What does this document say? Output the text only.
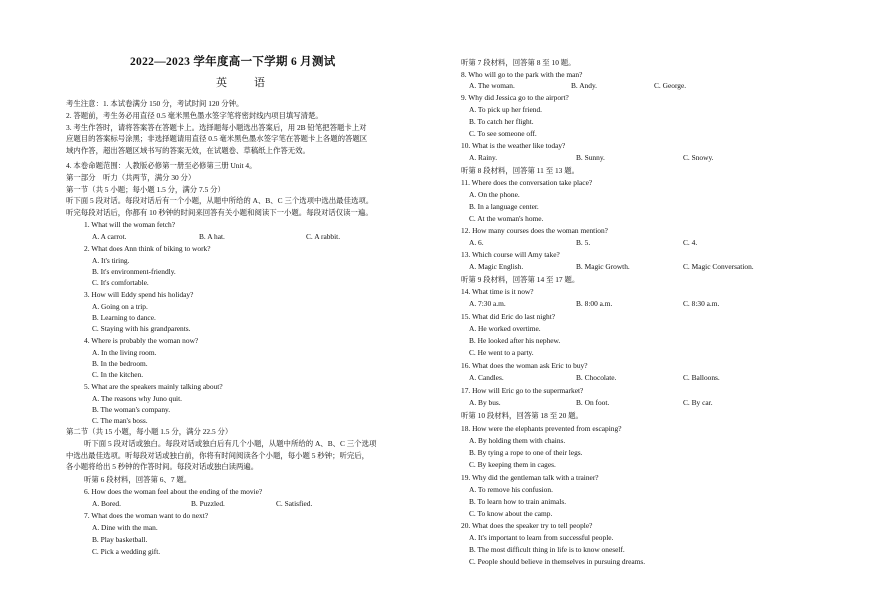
2022—2023 学年度高一下学期 6 月测试
英　语
考生注意：1. 本试卷满分 150 分，考试时间 120 分钟。
2. 答题前，考生务必用直径 0.5 毫米黑色墨水签字笔将密封线内项目填写清楚。
3. 考生作答时，请将答案答在答题卡上。选择题每小题选出答案后，用 2B 铅笔把答题卡上对
应题目的答案标号涂黑；非选择题请用直径 0.5 毫米黑色墨水签字笔在答题卡上各题的答题区
域内作答，超出答题区域书写的答案无效，在试题卷、草稿纸上作答无效。
4. 本卷命题范围：人教版必修第一册至必修第三册 Unit 4。
第一部分　听力（共两节，满分 30 分）
第一节（共 5 小题；每小题 1.5 分，满分 7.5 分）
听下面 5 段对话。每段对话后有一个小题，从题中所给的 A、B、C 三个选项中选出最佳选项。
听完每段对话后，你都有 10 秒钟的时间来回答有关小题和阅读下一小题。每段对话仅读一遍。
1. What will the woman fetch?
A. A carrot.	B. A hat.	C. A rabbit.
2. What does Ann think of biking to work?
A. It's tiring.
B. It's environment-friendly.
C. It's comfortable.
3. How will Eddy spend his holiday?
A. Going on a trip.
B. Learning to dance.
C. Staying with his grandparents.
4. Where is probably the woman now?
A. In the living room.
B. In the bedroom.
C. In the kitchen.
5. What are the speakers mainly talking about?
A. The reasons why Juno quit.
B. The woman's company.
C. The man's boss.
第二节（共 15 小题，每小题 1.5 分，满分 22.5 分）
听下面 5 段对话或独白。每段对话或独白后有几个小题，从题中所给的 A、B、C 三个选项
中选出最佳选项。听每段对话或独白前，你将有时间阅读各个小题，每小题 5 秒钟；听完后，
各小题将给出 5 秒钟的作答时间。每段对话或独白读两遍。
听第 6 段材料，回答第 6、7 题。
6. How does the woman feel about the ending of the movie?
A. Bored.	B. Puzzled.	C. Satisfied.
7. What does the woman want to do next?
A. Dine with the man.
B. Play basketball.
C. Pick a wedding gift.
听第 7 段材料，回答第 8 至 10 题。
8. Who will go to the park with the man?
A. The woman.	B. Andy.	C. George.
9. Why did Jessica go to the airport?
A. To pick up her friend.
B. To catch her flight.
C. To see someone off.
10. What is the weather like today?
A. Rainy.	B. Sunny.	C. Snowy.
听第 8 段材料，回答第 11 至 13 题。
11. Where does the conversation take place?
A. On the phone.
B. In a language center.
C. At the woman's home.
12. How many courses does the woman mention?
A. 6.	B. 5.	C. 4.
13. Which course will Amy take?
A. Magic English.	B. Magic Growth.	C. Magic Conversation.
听第 9 段材料，回答第 14 至 17 题。
14. What time is it now?
A. 7:30 a.m.	B. 8:00 a.m.	C. 8:30 a.m.
15. What did Eric do last night?
A. He worked overtime.
B. He looked after his nephew.
C. He went to a party.
16. What does the woman ask Eric to buy?
A. Candles.	B. Chocolate.	C. Balloons.
17. How will Eric go to the supermarket?
A. By bus.	B. On foot.	C. By car.
听第 10 段材料，回答第 18 至 20 题。
18. How were the elephants prevented from escaping?
A. By holding them with chains.
B. By tying a rope to one of their legs.
C. By keeping them in cages.
19. Why did the gentleman talk with a trainer?
A. To remove his confusion.
B. To learn how to train animals.
C. To know about the camp.
20. What does the speaker try to tell people?
A. It's important to learn from successful people.
B. The most difficult thing in life is to know oneself.
C. People should believe in themselves in pursuing dreams.
